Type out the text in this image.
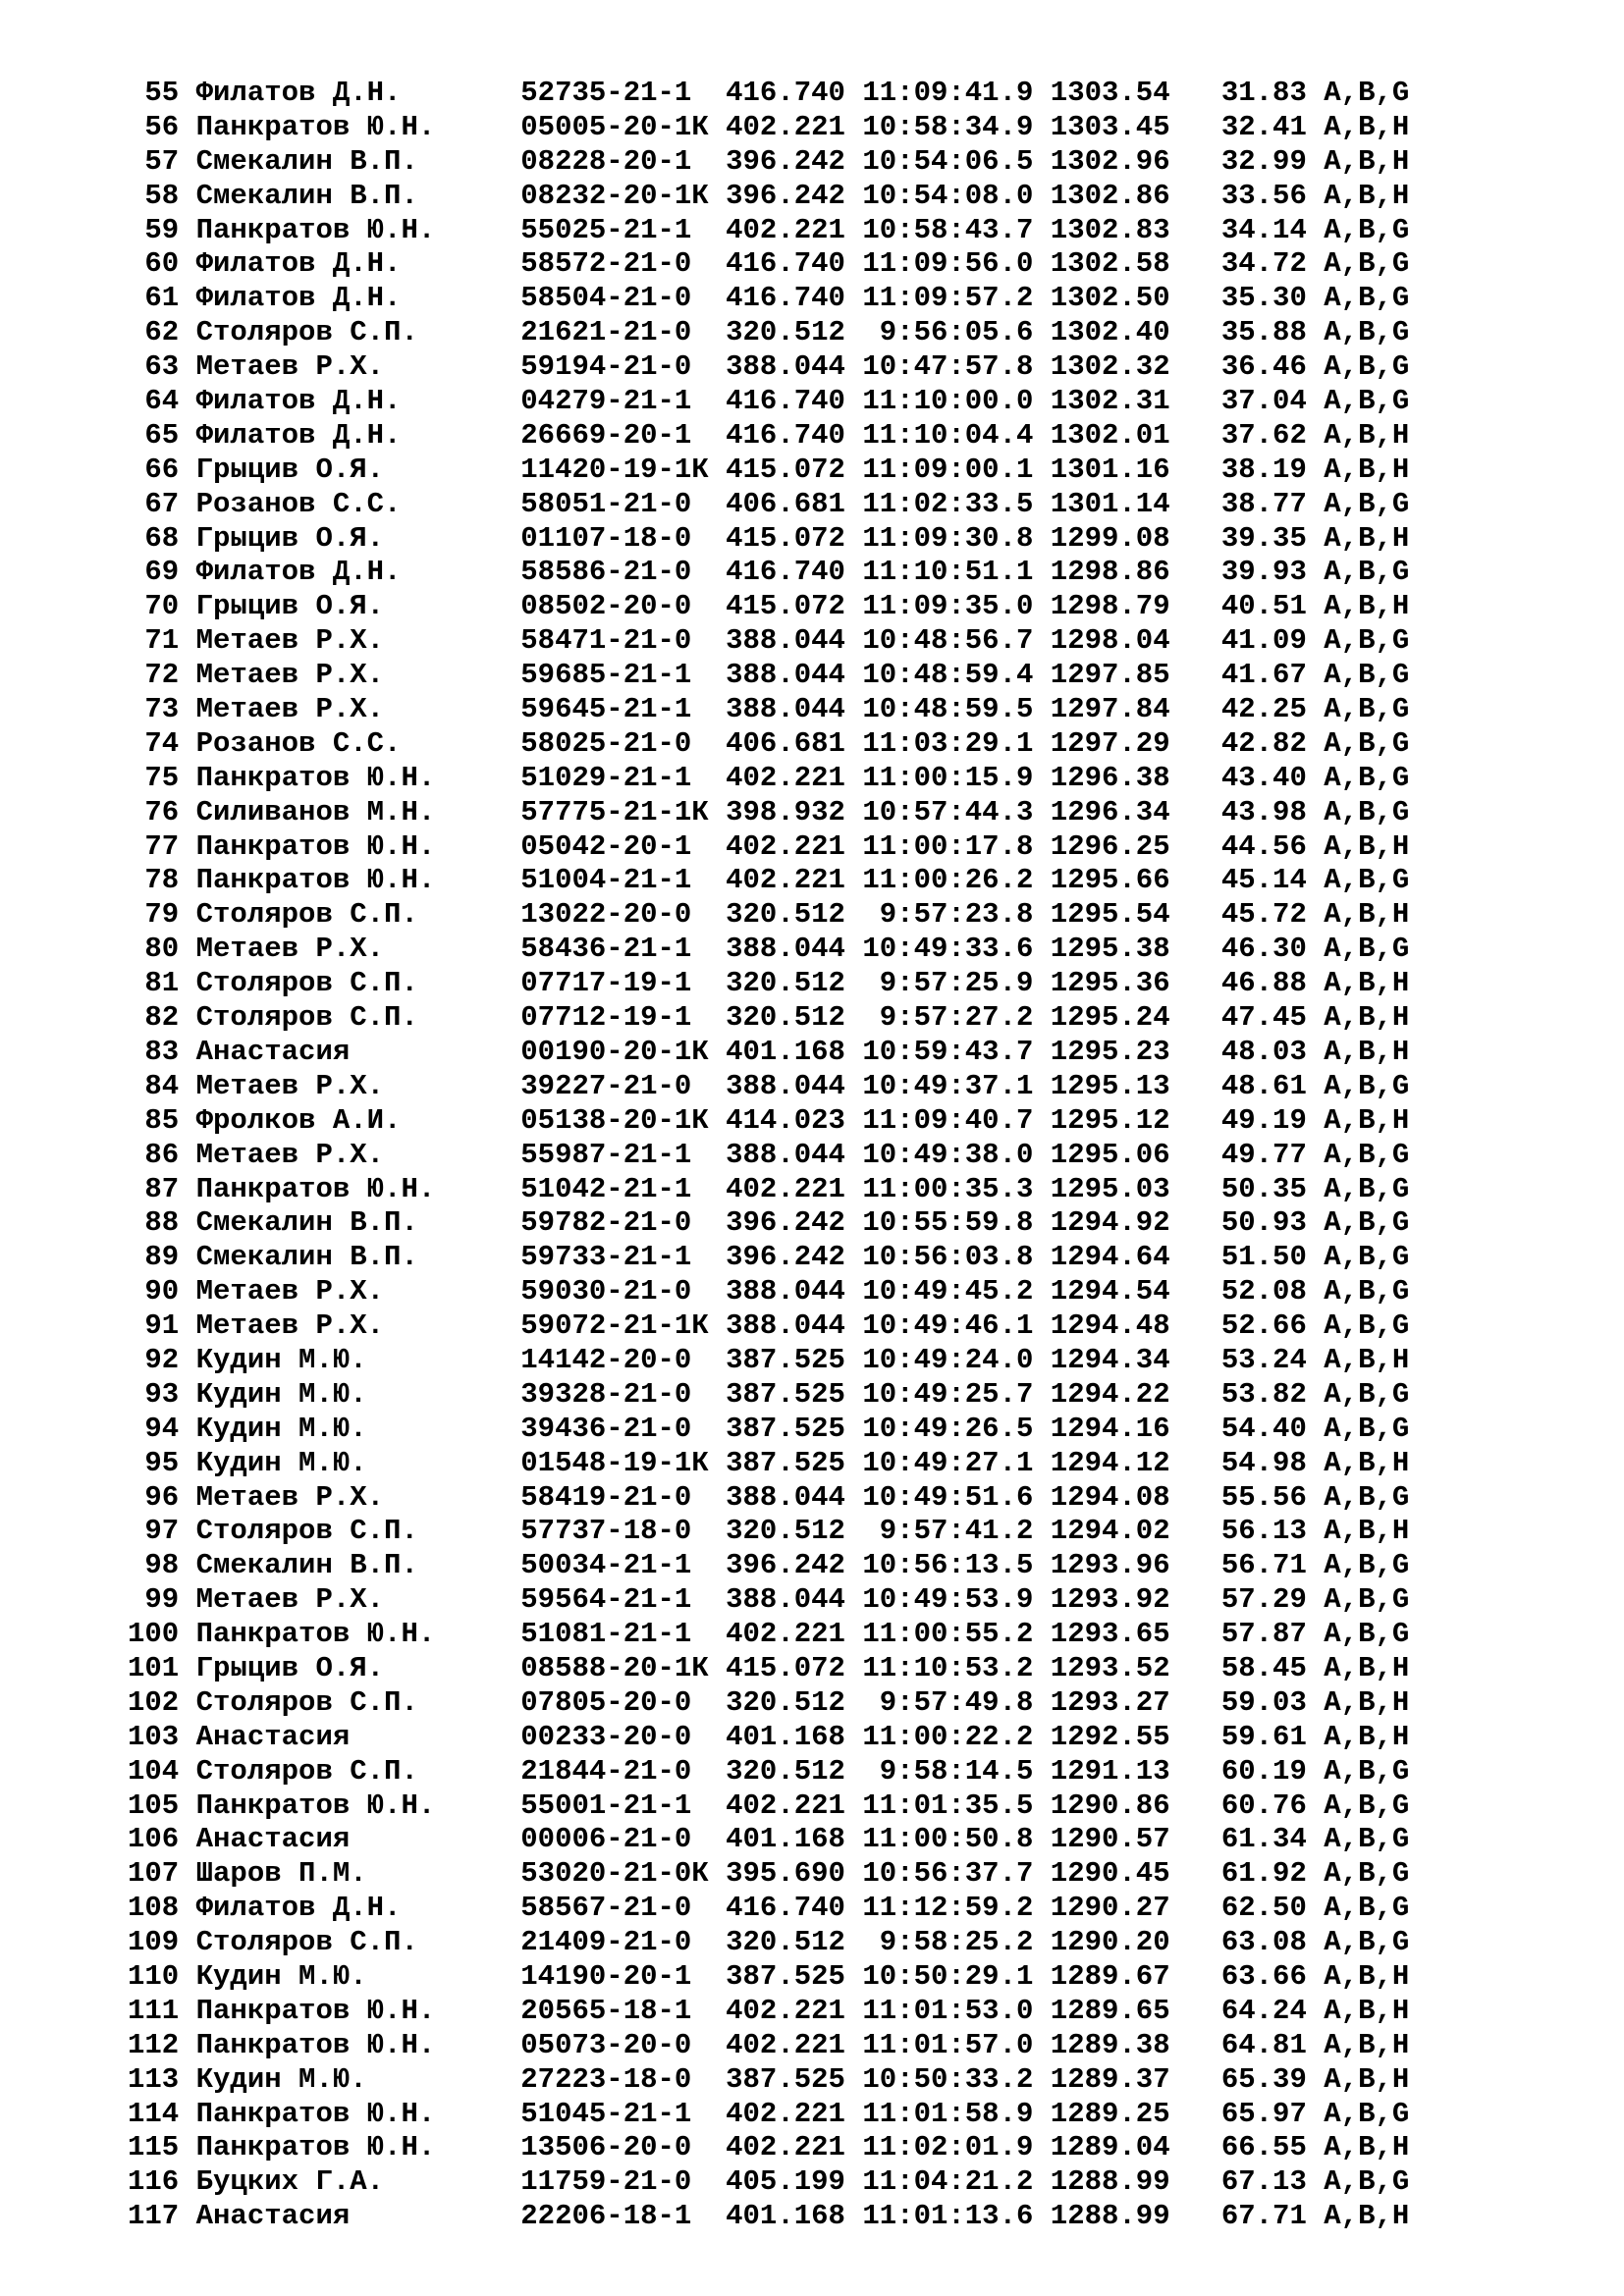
55 Филатов Д.Н.       52735-21-1  416.740 11:09:41.9 1303.54   31.83 A,B,G
56 Панкратов Ю.Н.     05005-20-1К 402.221 10:58:34.9 1303.45   32.41 A,B,H
57 Смекалин В.П.      08228-20-1  396.242 10:54:06.5 1302.96   32.99 A,B,H
58 Смекалин В.П.      08232-20-1К 396.242 10:54:08.0 1302.86   33.56 A,B,H
59 Панкратов Ю.Н.     55025-21-1  402.221 10:58:43.7 1302.83   34.14 A,B,G
60 Филатов Д.Н.       58572-21-0  416.740 11:09:56.0 1302.58   34.72 A,B,G
61 Филатов Д.Н.       58504-21-0  416.740 11:09:57.2 1302.50   35.30 A,B,G
62 Столяров С.П.      21621-21-0  320.512  9:56:05.6 1302.40   35.88 A,B,G
63 Метаев Р.Х.        59194-21-0  388.044 10:47:57.8 1302.32   36.46 A,B,G
64 Филатов Д.Н.       04279-21-1  416.740 11:10:00.0 1302.31   37.04 A,B,G
65 Филатов Д.Н.       26669-20-1  416.740 11:10:04.4 1302.01   37.62 A,B,H
66 Грыцив О.Я.        11420-19-1К 415.072 11:09:00.1 1301.16   38.19 A,B,H
67 Розанов С.С.       58051-21-0  406.681 11:02:33.5 1301.14   38.77 A,B,G
68 Грыцив О.Я.        01107-18-0  415.072 11:09:30.8 1299.08   39.35 A,B,H
69 Филатов Д.Н.       58586-21-0  416.740 11:10:51.1 1298.86   39.93 A,B,G
70 Грыцив О.Я.        08502-20-0  415.072 11:09:35.0 1298.79   40.51 A,B,H
71 Метаев Р.Х.        58471-21-0  388.044 10:48:56.7 1298.04   41.09 A,B,G
72 Метаев Р.Х.        59685-21-1  388.044 10:48:59.4 1297.85   41.67 A,B,G
73 Метаев Р.Х.        59645-21-1  388.044 10:48:59.5 1297.84   42.25 A,B,G
74 Розанов С.С.       58025-21-0  406.681 11:03:29.1 1297.29   42.82 A,B,G
75 Панкратов Ю.Н.     51029-21-1  402.221 11:00:15.9 1296.38   43.40 A,B,G
76 Силиванов М.Н.     57775-21-1К 398.932 10:57:44.3 1296.34   43.98 A,B,G
77 Панкратов Ю.Н.     05042-20-1  402.221 11:00:17.8 1296.25   44.56 A,B,H
78 Панкратов Ю.Н.     51004-21-1  402.221 11:00:26.2 1295.66   45.14 A,B,G
79 Столяров С.П.      13022-20-0  320.512  9:57:23.8 1295.54   45.72 A,B,H
80 Метаев Р.Х.        58436-21-1  388.044 10:49:33.6 1295.38   46.30 A,B,G
81 Столяров С.П.      07717-19-1  320.512  9:57:25.9 1295.36   46.88 A,B,H
82 Столяров С.П.      07712-19-1  320.512  9:57:27.2 1295.24   47.45 A,B,H
83 Анастасия          00190-20-1К 401.168 10:59:43.7 1295.23   48.03 A,B,H
84 Метаев Р.Х.        39227-21-0  388.044 10:49:37.1 1295.13   48.61 A,B,G
85 Фролков А.И.       05138-20-1К 414.023 11:09:40.7 1295.12   49.19 A,B,H
86 Метаев Р.Х.        55987-21-1  388.044 10:49:38.0 1295.06   49.77 A,B,G
87 Панкратов Ю.Н.     51042-21-1  402.221 11:00:35.3 1295.03   50.35 A,B,G
88 Смекалин В.П.      59782-21-0  396.242 10:55:59.8 1294.92   50.93 A,B,G
89 Смекалин В.П.      59733-21-1  396.242 10:56:03.8 1294.64   51.50 A,B,G
90 Метаев Р.Х.        59030-21-0  388.044 10:49:45.2 1294.54   52.08 A,B,G
91 Метаев Р.Х.        59072-21-1К 388.044 10:49:46.1 1294.48   52.66 A,B,G
92 Кудин М.Ю.         14142-20-0  387.525 10:49:24.0 1294.34   53.24 A,B,H
93 Кудин М.Ю.         39328-21-0  387.525 10:49:25.7 1294.22   53.82 A,B,G
94 Кудин М.Ю.         39436-21-0  387.525 10:49:26.5 1294.16   54.40 A,B,G
95 Кудин М.Ю.         01548-19-1К 387.525 10:49:27.1 1294.12   54.98 A,B,H
96 Метаев Р.Х.        58419-21-0  388.044 10:49:51.6 1294.08   55.56 A,B,G
97 Столяров С.П.      57737-18-0  320.512  9:57:41.2 1294.02   56.13 A,B,H
98 Смекалин В.П.      50034-21-1  396.242 10:56:13.5 1293.96   56.71 A,B,G
99 Метаев Р.Х.        59564-21-1  388.044 10:49:53.9 1293.92   57.29 A,B,G
100 Панкратов Ю.Н.     51081-21-1  402.221 11:00:55.2 1293.65   57.87 A,B,G
101 Грыцив О.Я.        08588-20-1К 415.072 11:10:53.2 1293.52   58.45 A,B,H
102 Столяров С.П.      07805-20-0  320.512  9:57:49.8 1293.27   59.03 A,B,H
103 Анастасия          00233-20-0  401.168 11:00:22.2 1292.55   59.61 A,B,H
104 Столяров С.П.      21844-21-0  320.512  9:58:14.5 1291.13   60.19 A,B,G
105 Панкратов Ю.Н.     55001-21-1  402.221 11:01:35.5 1290.86   60.76 A,B,G
106 Анастасия          00006-21-0  401.168 11:00:50.8 1290.57   61.34 A,B,G
107 Шаров П.М.         53020-21-0К 395.690 10:56:37.7 1290.45   61.92 A,B,G
108 Филатов Д.Н.       58567-21-0  416.740 11:12:59.2 1290.27   62.50 A,B,G
109 Столяров С.П.      21409-21-0  320.512  9:58:25.2 1290.20   63.08 A,B,G
110 Кудин М.Ю.         14190-20-1  387.525 10:50:29.1 1289.67   63.66 A,B,H
111 Панкратов Ю.Н.     20565-18-1  402.221 11:01:53.0 1289.65   64.24 A,B,H
112 Панкратов Ю.Н.     05073-20-0  402.221 11:01:57.0 1289.38   64.81 A,B,H
113 Кудин М.Ю.         27223-18-0  387.525 10:50:33.2 1289.37   65.39 A,B,H
114 Панкратов Ю.Н.     51045-21-1  402.221 11:01:58.9 1289.25   65.97 A,B,G
115 Панкратов Ю.Н.     13506-20-0  402.221 11:02:01.9 1289.04   66.55 A,B,H
116 Буцких Г.А.        11759-21-0  405.199 11:04:21.2 1288.99   67.13 A,B,G
117 Анастасия          22206-18-1  401.168 11:01:13.6 1288.99   67.71 A,B,H
